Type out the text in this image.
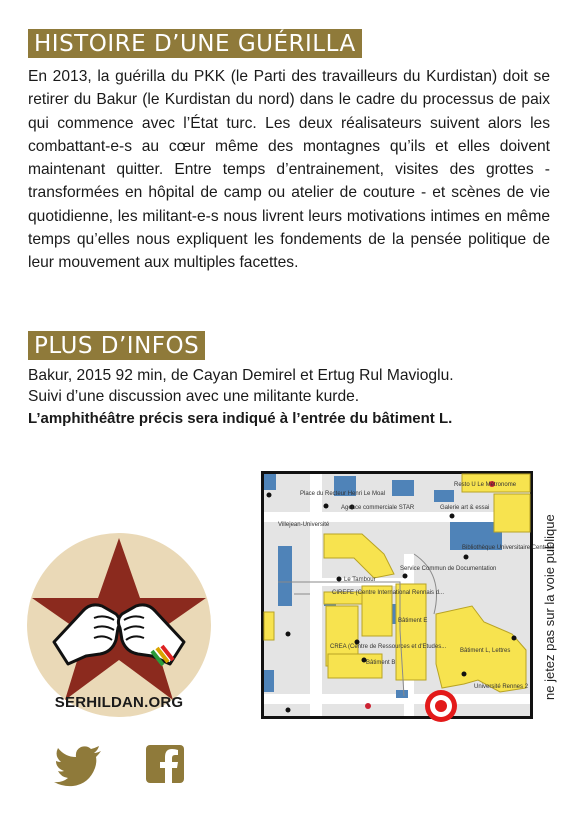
HISTOIRE D’UNE GUÉRILLA

En 2013, la guérilla du PKK (le Parti des travailleurs du Kurdistan) doit se retirer du Bakur (le Kurdistan du nord) dans le cadre du processus de paix qui commence avec l’État turc. Les deux réalisateurs suivent alors les combattant-e-s au cœur même des montagnes qu’ils et elles doivent maintenant quitter. Entre temps d’entrainement, visites des grottes - transformées en hôpital de camp ou atelier de couture - et scènes de vie quotidienne, les militant-e-s nous livrent leurs motivations intimes en même temps qu’elles nous expliquent les fondements de la pensée politique de leur mouvement aux multiples facettes.

PLUS D’INFOS
Bakur, 2015 92 min, de Cayan Demirel et Ertug Rul Mavioglu.
Suivi d’une discussion avec une militante kurde.
L’amphithéâtre précis sera indiqué à l’entrée du bâtiment L.
SERHILDAN.ORG
Place du Recteur Henri Le Moal
Agence commerciale STAR
Villejean-Université
Resto U Le Métronome
Galerie art & essai
Bibliothèque Universitaire Centrale
Le Tambour
Service Commun de Documentation
CIREFE (Centre International Rennais d...
CREA (Centre de Ressources et d'Etudes...
Bâtiment B
Bâtiment E
Bâtiment L, Lettres
Université Rennes 2 ne jetez pas sur la voie publique
